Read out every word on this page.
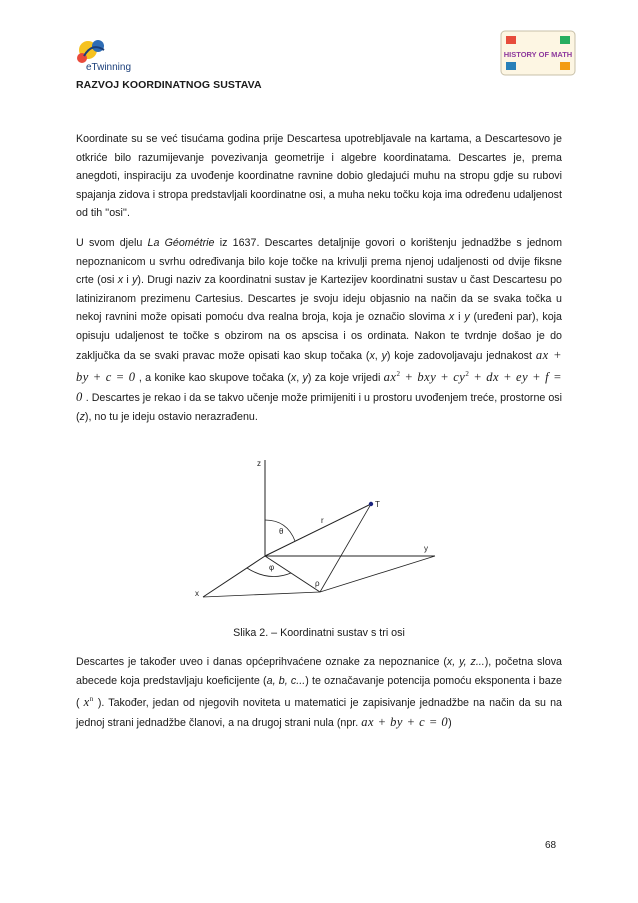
eTwinning
HISTORY OF MATH
RAZVOJ KOORDINATNOG SUSTAVA

Koordinate su se već tisućama godina prije Descartesa upotrebljavale na kartama, a Descartesovo je otkriće bilo razumijevanje povezivanja geometrije i algebre koordinatama. Descartes je, prema anegdoti, inspiraciju za uvođenje koordinatne ravnine dobio gledajući muhu na stropu gdje su rubovi spajanja zidova i stropa predstavljali koordinatne osi, a muha neku točku koja ima određenu udaljenost od tih ''osi''.

U svom djelu La Géométrie iz 1637. Descartes detaljnije govori o korištenju jednadžbe s jednom nepoznanicom u svrhu određivanja bilo koje točke na krivulji prema njenoj udaljenosti od dvije fiksne crte (osi x i y). Drugi naziv za koordinatni sustav je Kartezijev koordinatni sustav u čast Descartesu po latiniziranom prezimenu Cartesius. Descartes je svoju ideju objasnio na način da se svaka točka u nekoj ravnini može opisati pomoću dva realna broja, koja je označio slovima x i y (uređeni par), koja opisuju udaljenost te točke s obzirom na os apscisa i os ordinata. Nakon te tvrdnje došao je do zaključka da se svaki pravac može opisati kao skup točaka (x, y) koje zadovoljavaju jednakost ax + by + c = 0 , a konike kao skupove točaka (x, y) za koje vrijedi $ax^2$ + bxy + $cy^2$ + dx + ey + f = 0 . Descartes je rekao i da se takvo učenje može primijeniti i u prostoru uvođenjem treće, prostorne osi (z), no tu je ideju ostavio nerazrađenu.

z
y
x
T
θ
φ
r
ρ
Slika 2. – Koordinatni sustav s tri osi

Descartes je također uveo i danas općeprihvaćene oznake za nepoznanice (x, y, z...), početna slova abecede koja predstavljaju koeficijente (a, b, c...) te označavanje potencija pomoću eksponenta i baze ( $x^n$ ). Također, jedan od njegovih noviteta u matematici je zapisivanje jednadžbe na način da su na jednoj strani jednadžbe članovi, a na drugoj strani nula (npr. ax + by + c = 0)

68
